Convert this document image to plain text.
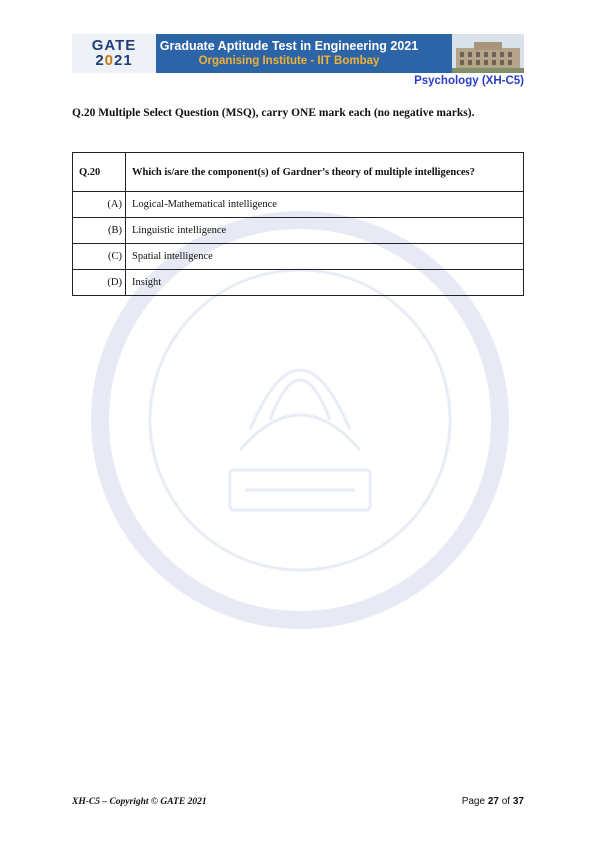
GATE
2021
Graduate Aptitude Test in Engineering 2021
Organising Institute - IIT Bombay
Psychology (XH-C5)
Q.20 Multiple Select Question (MSQ), carry ONE mark each (no negative marks).
Q.20	Which is/are the component(s) of Gardner’s theory of multiple intelligences?
(A)	Logical-Mathematical intelligence
(B)	Linguistic intelligence
(C)	Spatial intelligence
(D)	Insight
XH-C5 – Copyright © GATE 2021	Page 27 of 37
